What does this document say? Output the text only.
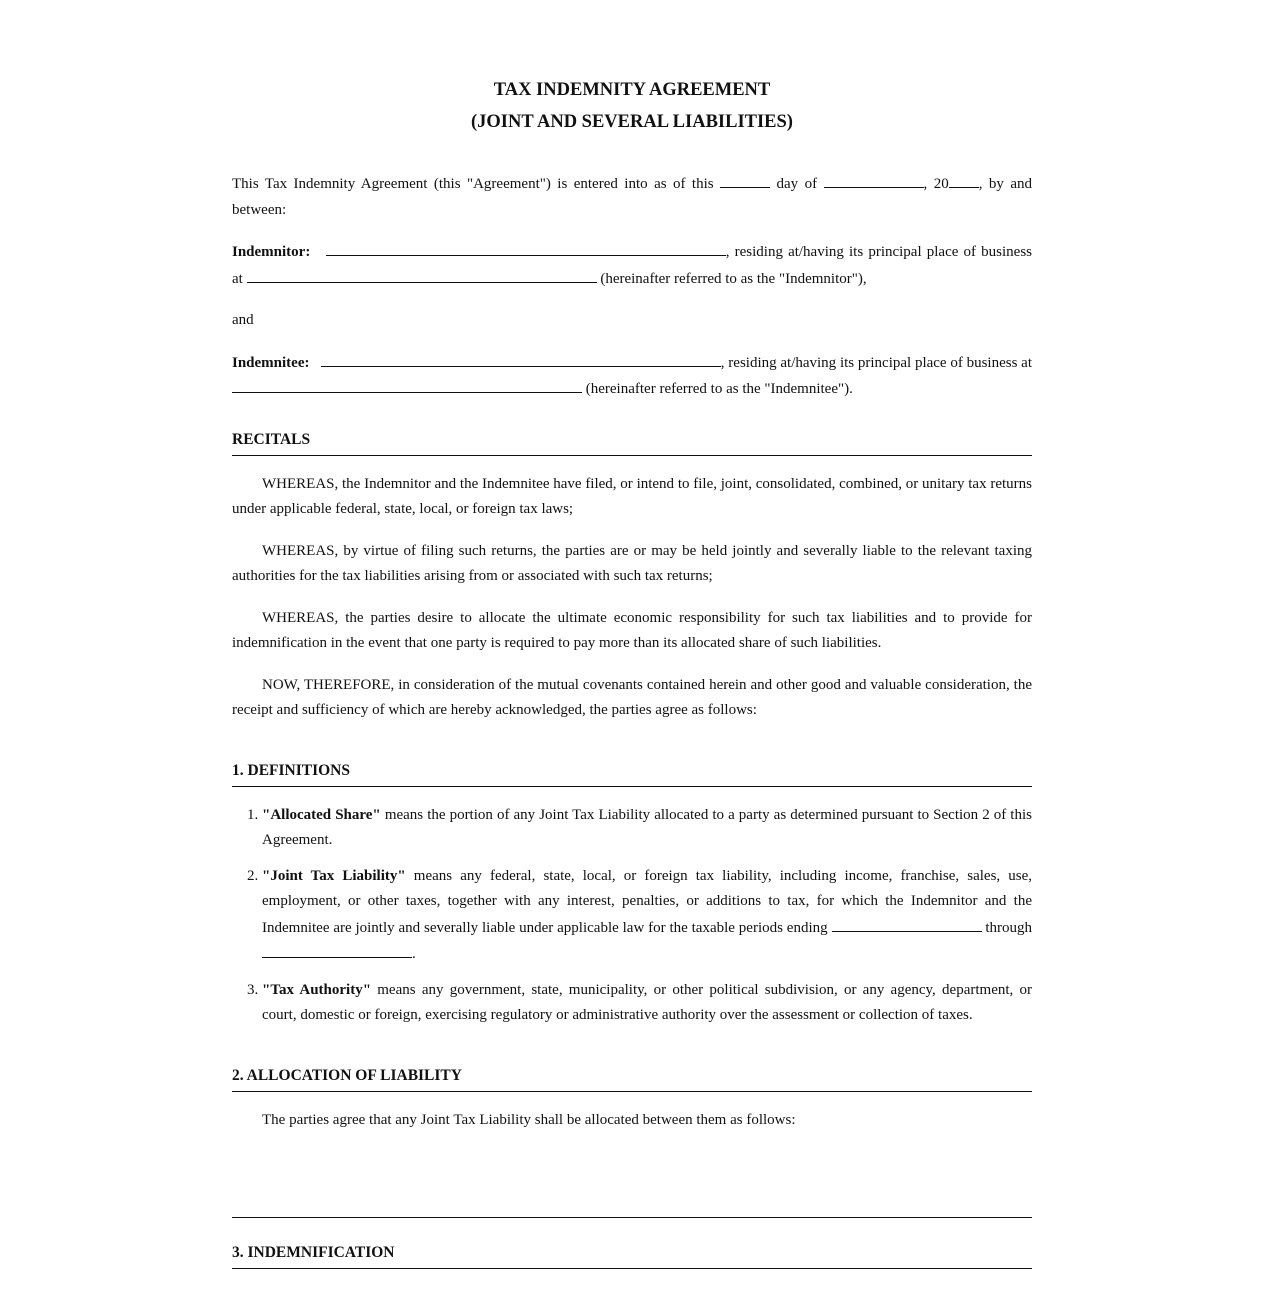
TAX INDEMNITY AGREEMENT
(JOINT AND SEVERAL LIABILITIES)

This Tax Indemnity Agreement (this "Agreement") is entered into as of this	day of	, 20 , by and between:

Indemnitor:	, residing at/having its principal place of business at	(hereinafter referred to as the "Indemnitor"),

and

Indemnitee:	, residing at/having its principal place of business at  (hereinafter referred to as the "Indemnitee").

RECITALS

WHEREAS, the Indemnitor and the Indemnitee have filed, or intend to file, joint, consolidated, combined, or unitary tax returns under applicable federal, state, local, or foreign tax laws;

WHEREAS, by virtue of filing such returns, the parties are or may be held jointly and severally liable to the relevant taxing authorities for the tax liabilities arising from or associated with such tax returns;

WHEREAS, the parties desire to allocate the ultimate economic responsibility for such tax liabilities and to provide for indemnification in the event that one party is required to pay more than its allocated share of such liabilities.

NOW, THEREFORE, in consideration of the mutual covenants contained herein and other good and valuable consideration, the receipt and sufficiency of which are hereby acknowledged, the parties agree as follows:

1. DEFINITIONS
1. "Allocated Share" means the portion of any Joint Tax Liability allocated to a party as determined pursuant to Section 2 of this Agreement.
2. "Joint Tax Liability" means any federal, state, local, or foreign tax liability, including income, franchise, sales, use, employment, or other taxes, together with any interest, penalties, or additions to tax, for which the Indemnitor and the Indemnitee are jointly and severally liable under applicable law for the taxable periods ending	through .
3. "Tax Authority" means any government, state, municipality, or other political subdivision, or any agency, department, or court, domestic or foreign, exercising regulatory or administrative authority over the assessment or collection of taxes.
2. ALLOCATION OF LIABILITY

The parties agree that any Joint Tax Liability shall be allocated between them as follows:

3. INDEMNIFICATION
